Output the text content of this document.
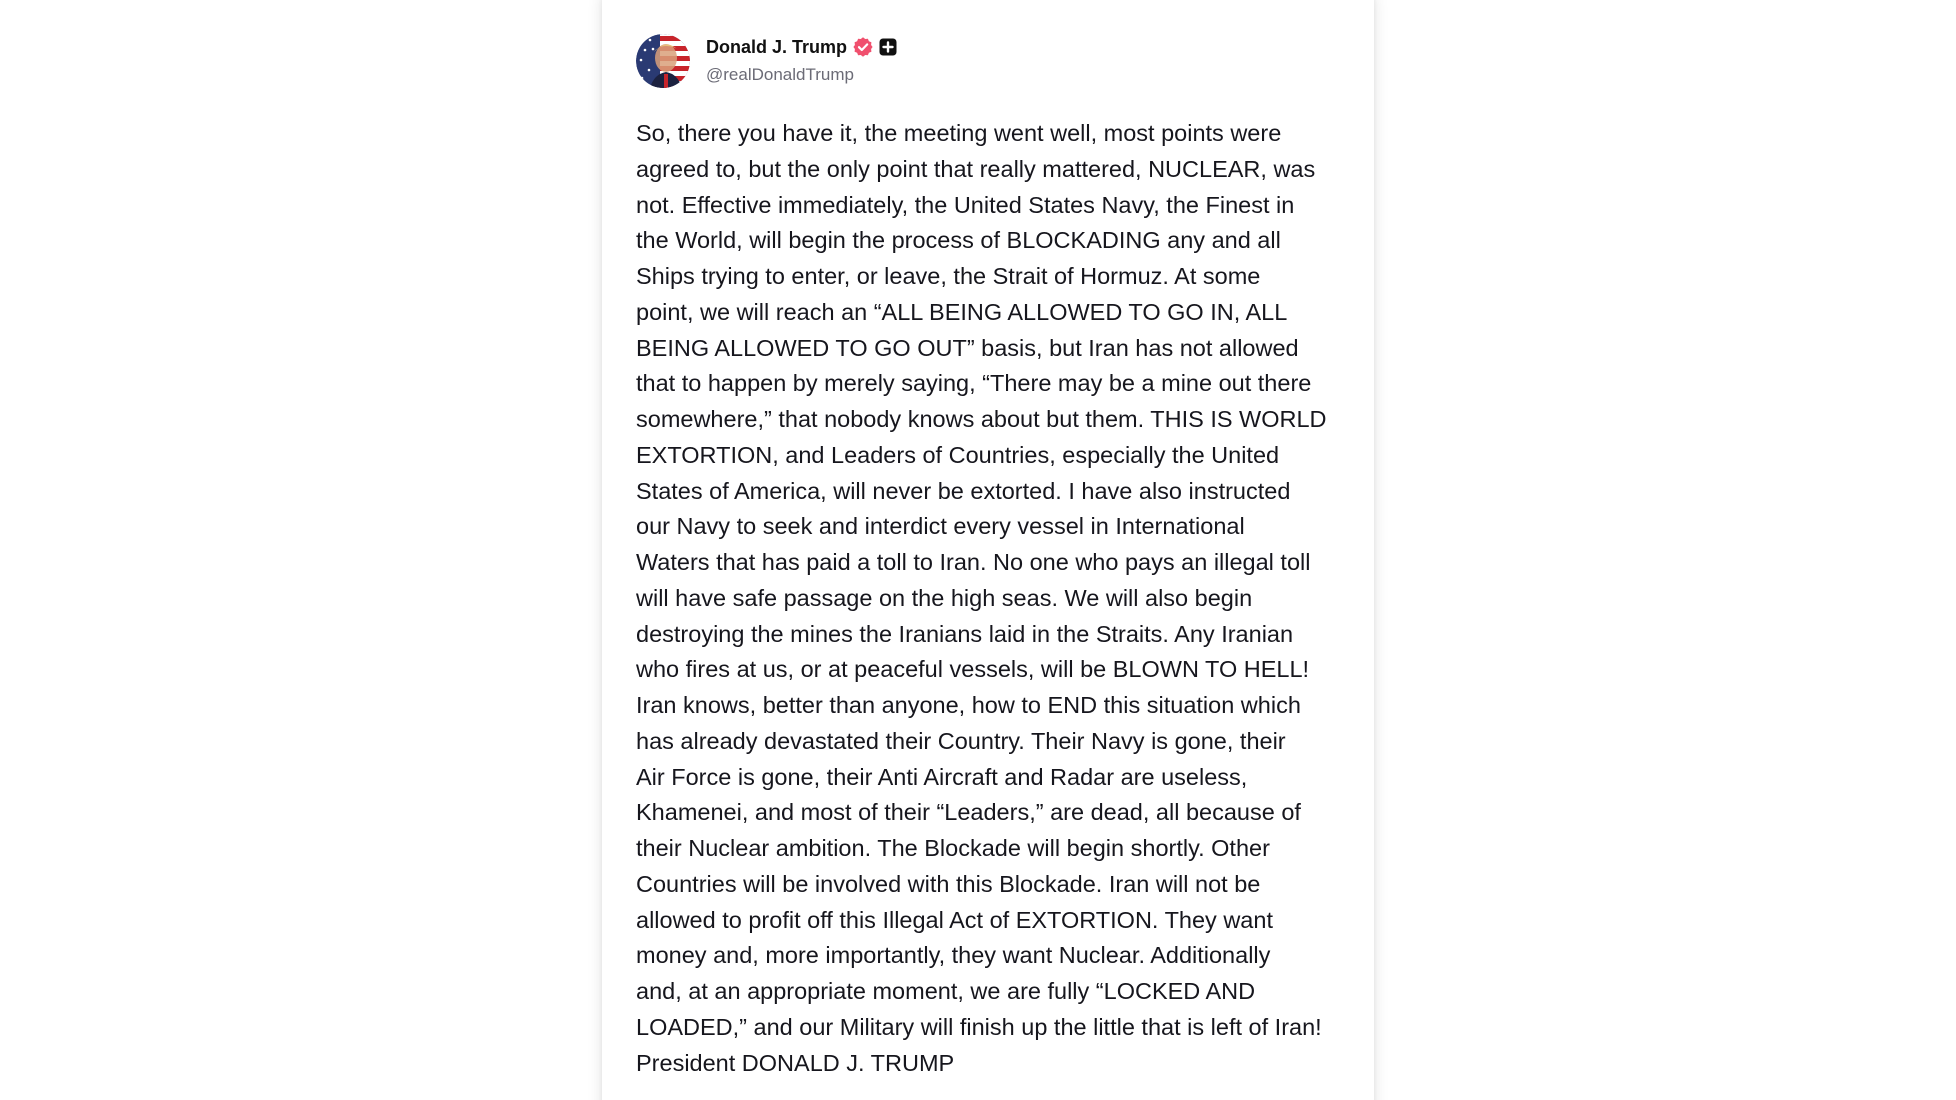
Donald J. Trump
@realDonaldTrump

So, there you have it, the meeting went well, most points were
agreed to, but the only point that really mattered, NUCLEAR, was
not. Effective immediately, the United States Navy, the Finest in
the World, will begin the process of BLOCKADING any and all
Ships trying to enter, or leave, the Strait of Hormuz. At some
point, we will reach an “ALL BEING ALLOWED TO GO IN, ALL
BEING ALLOWED TO GO OUT” basis, but Iran has not allowed
that to happen by merely saying, “There may be a mine out there
somewhere,” that nobody knows about but them. THIS IS WORLD
EXTORTION, and Leaders of Countries, especially the United
States of America, will never be extorted. I have also instructed
our Navy to seek and interdict every vessel in International
Waters that has paid a toll to Iran. No one who pays an illegal toll
will have safe passage on the high seas. We will also begin
destroying the mines the Iranians laid in the Straits. Any Iranian
who fires at us, or at peaceful vessels, will be BLOWN TO HELL!
Iran knows, better than anyone, how to END this situation which
has already devastated their Country. Their Navy is gone, their
Air Force is gone, their Anti Aircraft and Radar are useless,
Khamenei, and most of their “Leaders,” are dead, all because of
their Nuclear ambition. The Blockade will begin shortly. Other
Countries will be involved with this Blockade. Iran will not be
allowed to profit off this Illegal Act of EXTORTION. They want
money and, more importantly, they want Nuclear. Additionally
and, at an appropriate moment, we are fully “LOCKED AND
LOADED,” and our Military will finish up the little that is left of Iran!
President DONALD J. TRUMP
